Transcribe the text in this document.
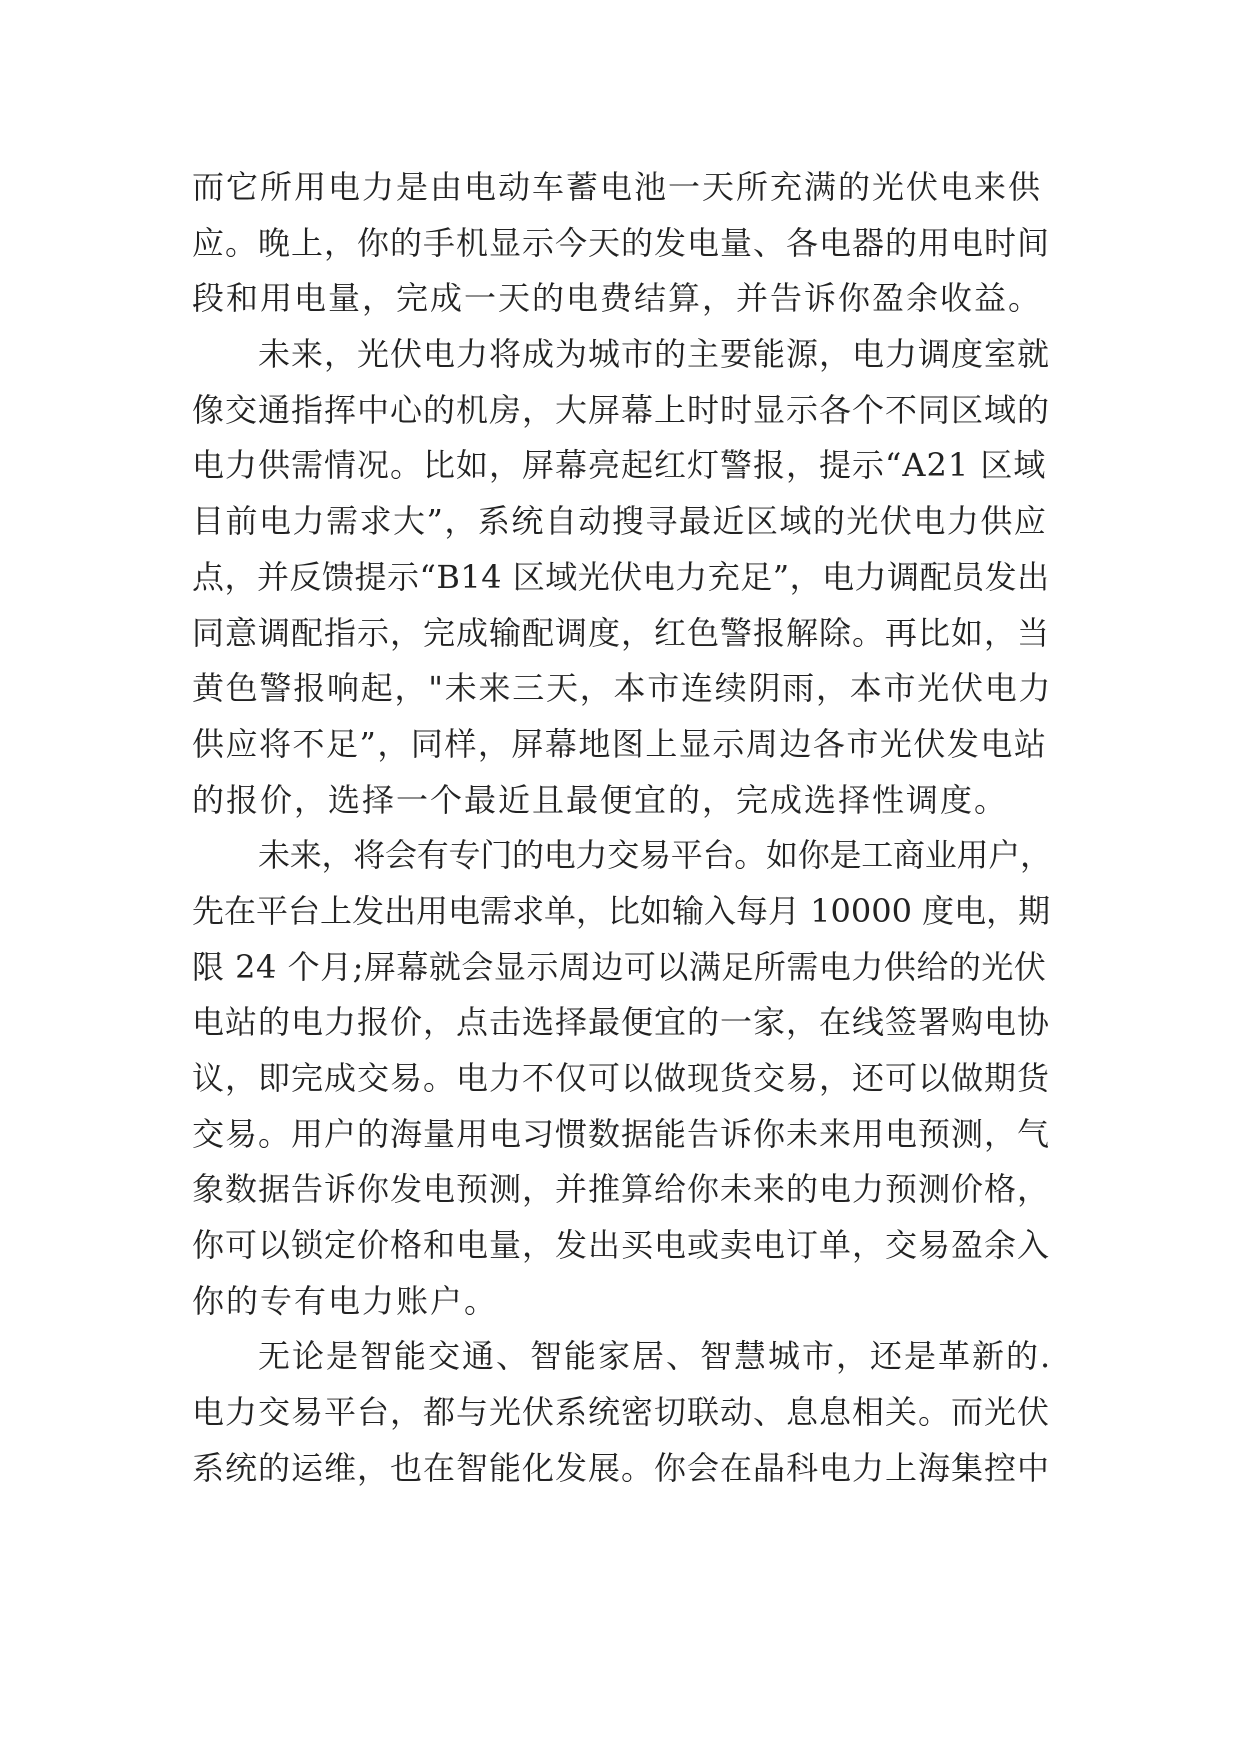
而它所用电力是由电动车蓄电池一天所充满的光伏电来供
应。晚上，你的手机显示今天的发电量、各电器的用电时间
段和用电量，完成一天的电费结算，并告诉你盈余收益。
未来，光伏电力将成为城市的主要能源，电力调度室就
像交通指挥中心的机房，大屏幕上时时显示各个不同区域的
电力供需情况。比如，屏幕亮起红灯警报，提示“A21 区域
目前电力需求大”，系统自动搜寻最近区域的光伏电力供应
点，并反馈提示“B14 区域光伏电力充足”，电力调配员发出
同意调配指示，完成输配调度，红色警报解除。再比如，当
黄色警报响起，"未来三天，本市连续阴雨，本市光伏电力
供应将不足”，同样，屏幕地图上显示周边各市光伏发电站
的报价，选择一个最近且最便宜的，完成选择性调度。
未来，将会有专门的电力交易平台。如你是工商业用户，
先在平台上发出用电需求单，比如输入每月 10000 度电，期
限 24 个月;屏幕就会显示周边可以满足所需电力供给的光伏
电站的电力报价，点击选择最便宜的一家，在线签署购电协
议，即完成交易。电力不仅可以做现货交易，还可以做期货
交易。用户的海量用电习惯数据能告诉你未来用电预测，气
象数据告诉你发电预测，并推算给你未来的电力预测价格，
你可以锁定价格和电量，发出买电或卖电订单，交易盈余入
你的专有电力账户。
无论是智能交通、智能家居、智慧城市，还是革新的.
电力交易平台，都与光伏系统密切联动、息息相关。而光伏
系统的运维，也在智能化发展。你会在晶科电力上海集控中
